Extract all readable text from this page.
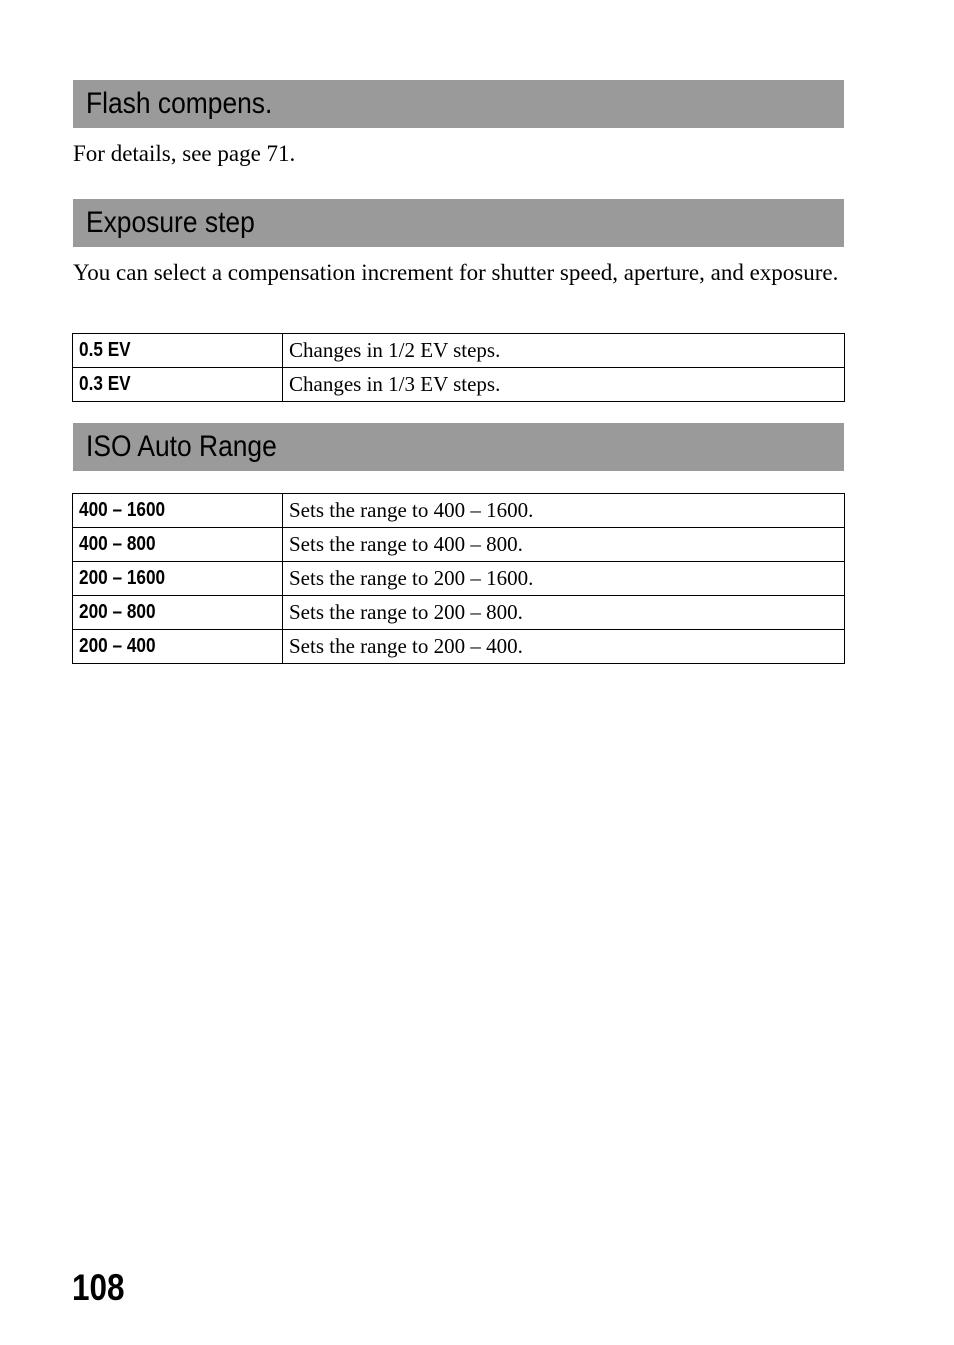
Flash compens.

For details, see page 71.

Exposure step

You can select a compensation increment for shutter speed, aperture, and exposure.

0.5 EV	Changes in 1/2 EV steps.
0.3 EV	Changes in 1/3 EV steps.
ISO Auto Range
400 – 1600	Sets the range to 400 – 1600.
400 – 800	Sets the range to 400 – 800.
200 – 1600	Sets the range to 200 – 1600.
200 – 800	Sets the range to 200 – 800.
200 – 400	Sets the range to 200 – 400.
108
